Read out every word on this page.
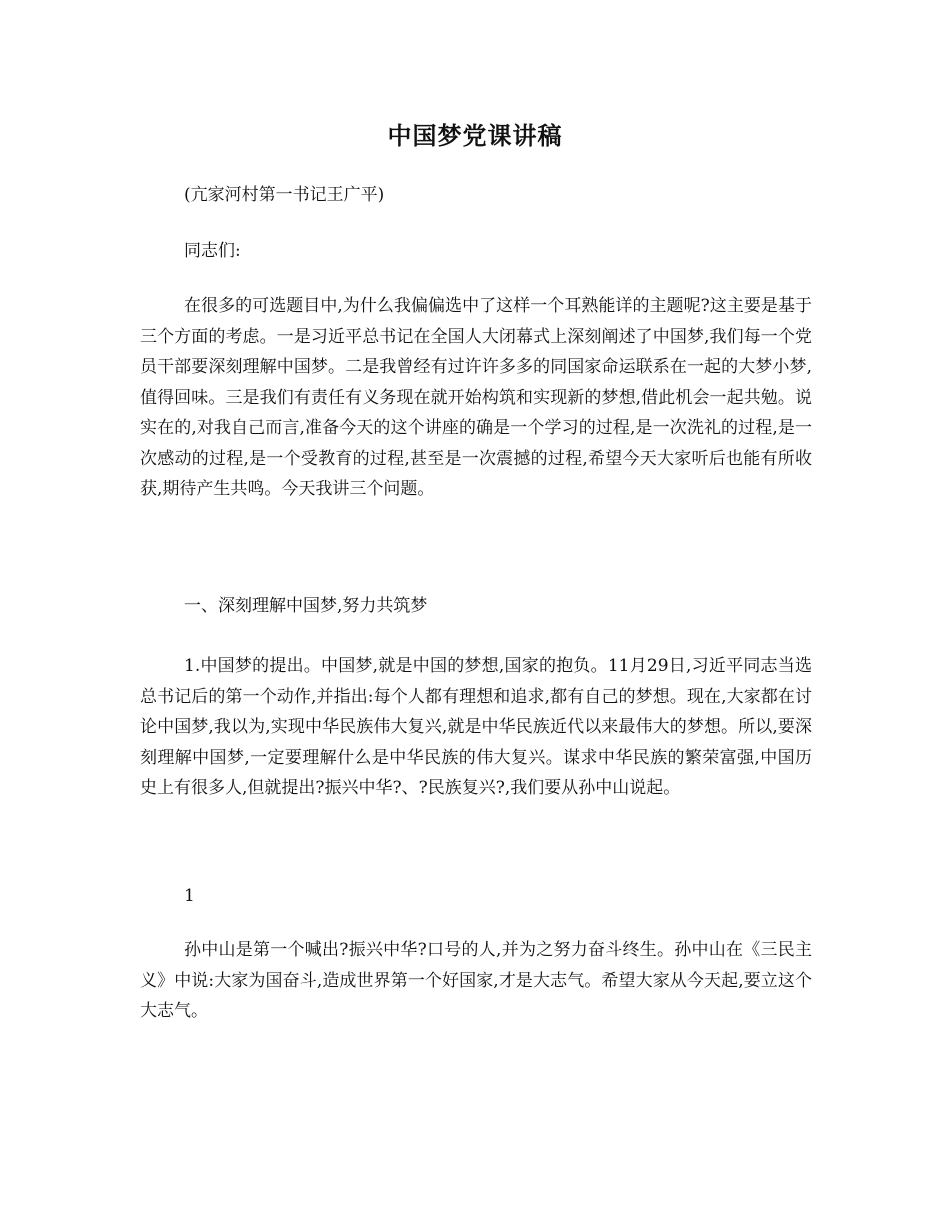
中国梦党课讲稿

(亢家河村第一书记王广平)

同志们:

在很多的可选题目中,为什么我偏偏选中了这样一个耳熟能详的主题呢?这主要是基于三个方面的考虑。一是习近平总书记在全国人大闭幕式上深刻阐述了中国梦,我们每一个党员干部要深刻理解中国梦。二是我曾经有过许许多多的同国家命运联系在一起的大梦小梦,值得回味。三是我们有责任有义务现在就开始构筑和实现新的梦想,借此机会一起共勉。说实在的,对我自己而言,准备今天的这个讲座的确是一个学习的过程,是一次洗礼的过程,是一次感动的过程,是一个受教育的过程,甚至是一次震撼的过程,希望今天大家听后也能有所收获,期待产生共鸣。今天我讲三个问题。

一、深刻理解中国梦,努力共筑梦

1.中国梦的提出。中国梦,就是中国的梦想,国家的抱负。11月29日,习近平同志当选总书记后的第一个动作,并指出:每个人都有理想和追求,都有自己的梦想。现在,大家都在讨论中国梦,我以为,实现中华民族伟大复兴,就是中华民族近代以来最伟大的梦想。所以,要深刻理解中国梦,一定要理解什么是中华民族的伟大复兴。谋求中华民族的繁荣富强,中国历史上有很多人,但就提出?振兴中华?、?民族复兴?,我们要从孙中山说起。

1

孙中山是第一个喊出?振兴中华?口号的人,并为之努力奋斗终生。孙中山在《三民主义》中说:大家为国奋斗,造成世界第一个好国家,才是大志气。希望大家从今天起,要立这个大志气。
